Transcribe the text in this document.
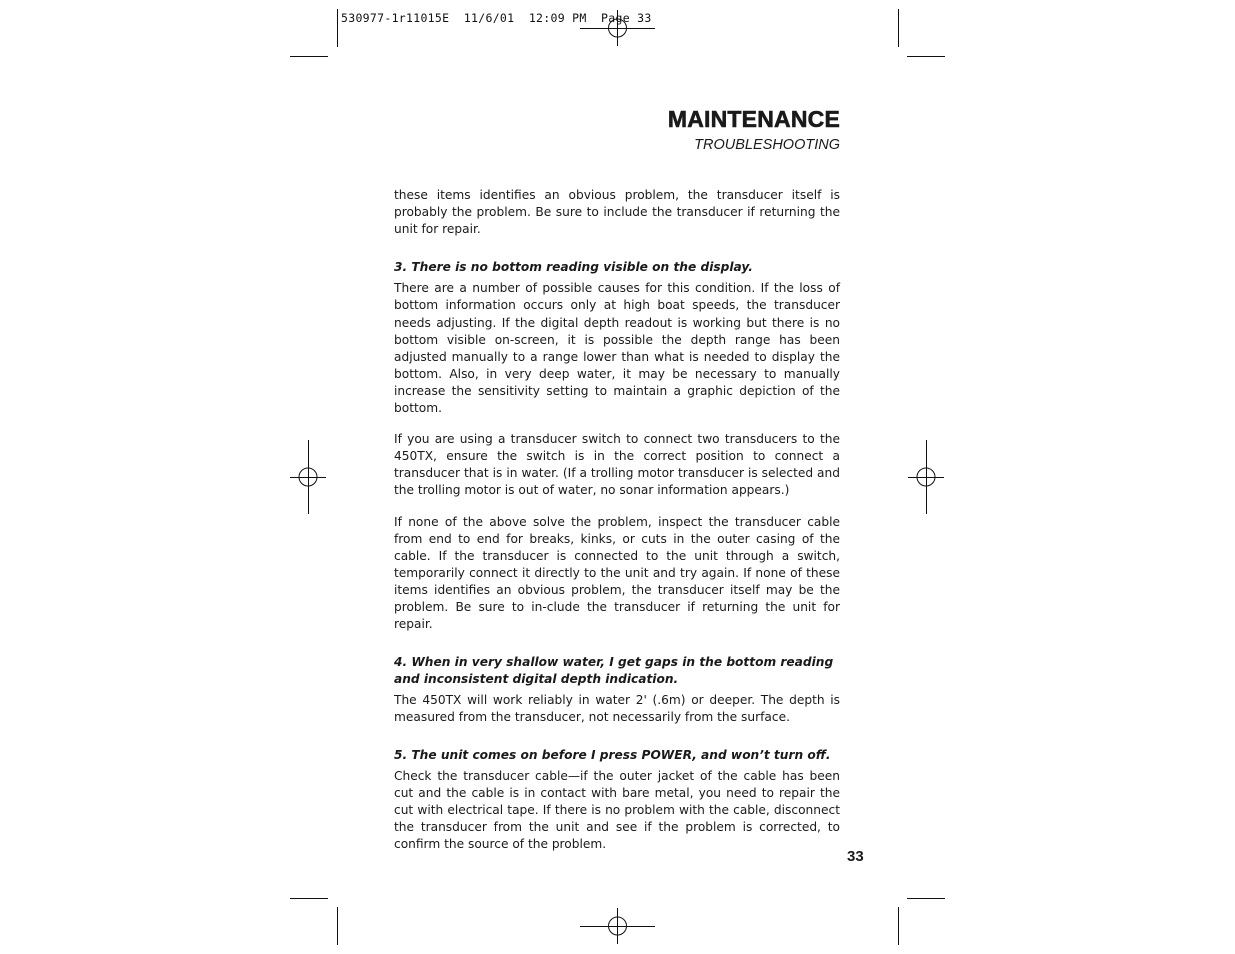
530977-1r11015E  11/6/01  12:09 PM  Page 33
MAINTENANCE
TROUBLESHOOTING

these items identifies an obvious problem, the transducer itself is probably the problem. Be sure to include the transducer if returning the unit for repair.

3. There is no bottom reading visible on the display.

There are a number of possible causes for this condition. If the loss of bottom information occurs only at high boat speeds, the transducer needs adjusting. If the digital depth readout is working but there is no bottom visible on-screen, it is possible the depth range has been adjusted manually to a range lower than what is needed to display the bottom. Also, in very deep water, it may be necessary to manually increase the sensitivity setting to maintain a graphic depiction of the bottom.

If you are using a transducer switch to connect two transducers to the 450TX, ensure the switch is in the correct position to connect a transducer that is in water. (If a trolling motor transducer is selected and the trolling motor is out of water, no sonar information appears.)

If none of the above solve the problem, inspect the transducer cable from end to end for breaks, kinks, or cuts in the outer casing of the cable. If the transducer is connected to the unit through a switch, temporarily connect it directly to the unit and try again. If none of these items identifies an obvious problem, the transducer itself may be the problem. Be sure to in-clude the transducer if returning the unit for repair.

4. When in very shallow water, I get gaps in the bottom reading
and inconsistent digital depth indication.

The 450TX will work reliably in water 2' (.6m) or deeper. The depth is measured from the transducer, not necessarily from the surface.

5. The unit comes on before I press POWER, and won’t turn off.

Check the transducer cable—if the outer jacket of the cable has been cut and the cable is in contact with bare metal, you need to repair the cut with electrical tape. If there is no problem with the cable, disconnect the transducer from the unit and see if the problem is corrected, to confirm the source of the problem.

33
